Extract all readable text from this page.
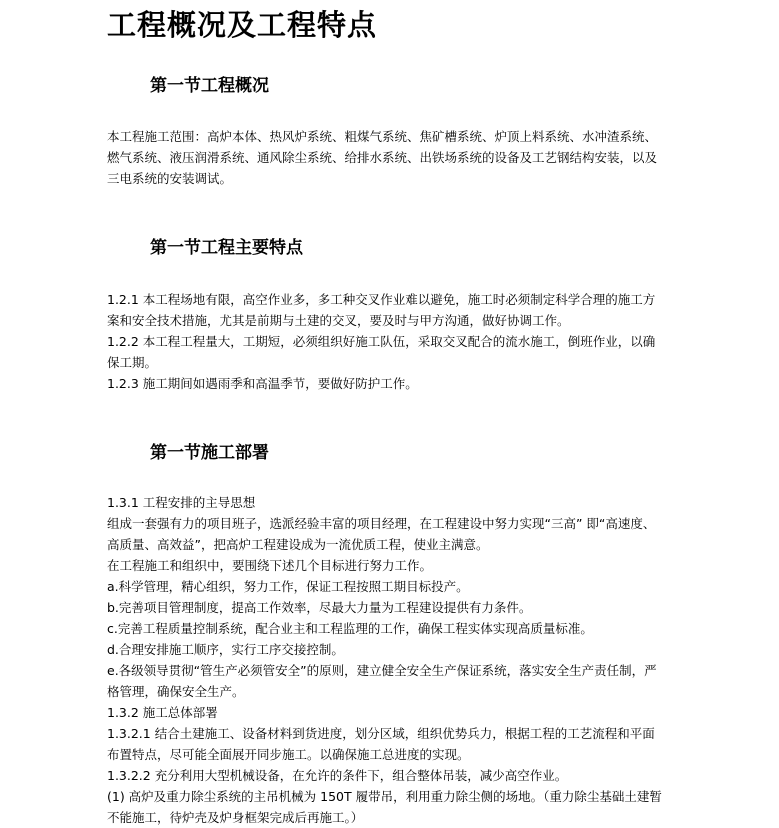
工程概况及工程特点
第一节工程概况

本工程施工范围：高炉本体、热风炉系统、粗煤气系统、焦矿槽系统、炉顶上料系统、水冲渣系统、燃气系统、液压润滑系统、通风除尘系统、给排水系统、出铁场系统的设备及工艺钢结构安装，以及三电系统的安装调试。

第一节工程主要特点

1.2.1 本工程场地有限，高空作业多，多工种交叉作业难以避免，施工时必须制定科学合理的施工方案和安全技术措施，尤其是前期与土建的交叉，要及时与甲方沟通，做好协调工作。

1.2.2 本工程工程量大，工期短，必须组织好施工队伍，采取交叉配合的流水施工，倒班作业，以确保工期。

1.2.3 施工期间如遇雨季和高温季节，要做好防护工作。

第一节施工部署

1.3.1 工程安排的主导思想

组成一套强有力的项目班子，选派经验丰富的项目经理，在工程建设中努力实现“三高” 即“高速度、高质量、高效益”，把高炉工程建设成为一流优质工程，使业主满意。

在工程施工和组织中，要围绕下述几个目标进行努力工作。

a.科学管理，精心组织，努力工作，保证工程按照工期目标投产。

b.完善项目管理制度，提高工作效率，尽最大力量为工程建设提供有力条件。

c.完善工程质量控制系统，配合业主和工程监理的工作，确保工程实体实现高质量标准。

d.合理安排施工顺序，实行工序交接控制。

e.各级领导贯彻“管生产必须管安全”的原则，建立健全安全生产保证系统，落实安全生产责任制，严格管理，确保安全生产。

1.3.2 施工总体部署

1.3.2.1 结合土建施工、设备材料到货进度，划分区域，组织优势兵力，根据工程的工艺流程和平面布置特点，尽可能全面展开同步施工。以确保施工总进度的实现。

1.3.2.2 充分利用大型机械设备，在允许的条件下，组合整体吊装，减少高空作业。

(1) 高炉及重力除尘系统的主吊机械为 150T 履带吊，利用重力除尘侧的场地。（重力除尘基础土建暂不能施工，待炉壳及炉身框架完成后再施工。）
